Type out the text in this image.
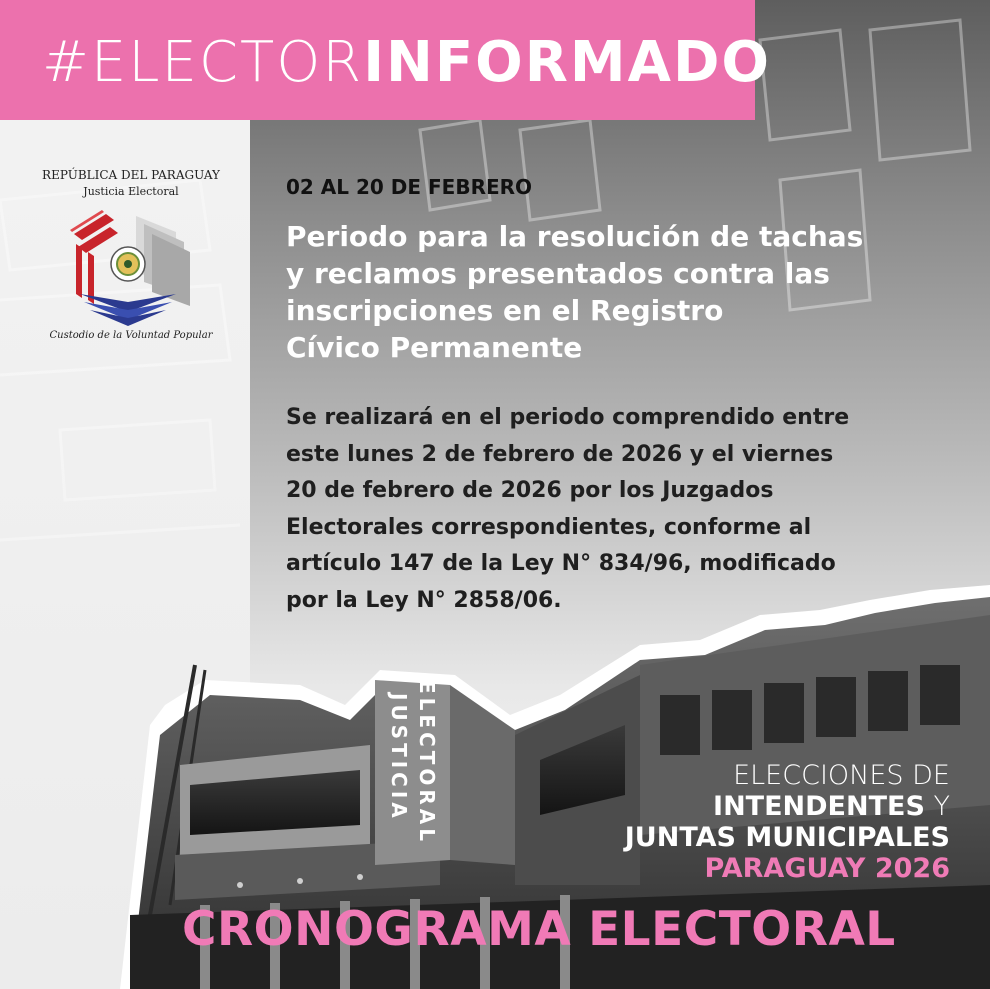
#ELECTORINFORMADO
REPÚBLICA DEL PARAGUAY
Justicia Electoral
Custodio de la Voluntad Popular
02 AL 20 DE FEBRERO
Periodo para la resolución de tachas
y reclamos presentados contra las
inscripciones en el Registro
Cívico Permanente

Se realizará en el periodo comprendido entre
este lunes 2 de febrero de 2026 y el viernes
20 de febrero de 2026 por los Juzgados
Electorales correspondientes, conforme al
artículo 147 de la Ley N° 834/96, modificado
por la Ley N° 2858/06.

JUSTICIA ELECTORAL	ELECCIONES DE
INTENDENTES Y
JUNTAS MUNICIPALES
PARAGUAY 2026
CRONOGRAMA ELECTORAL
